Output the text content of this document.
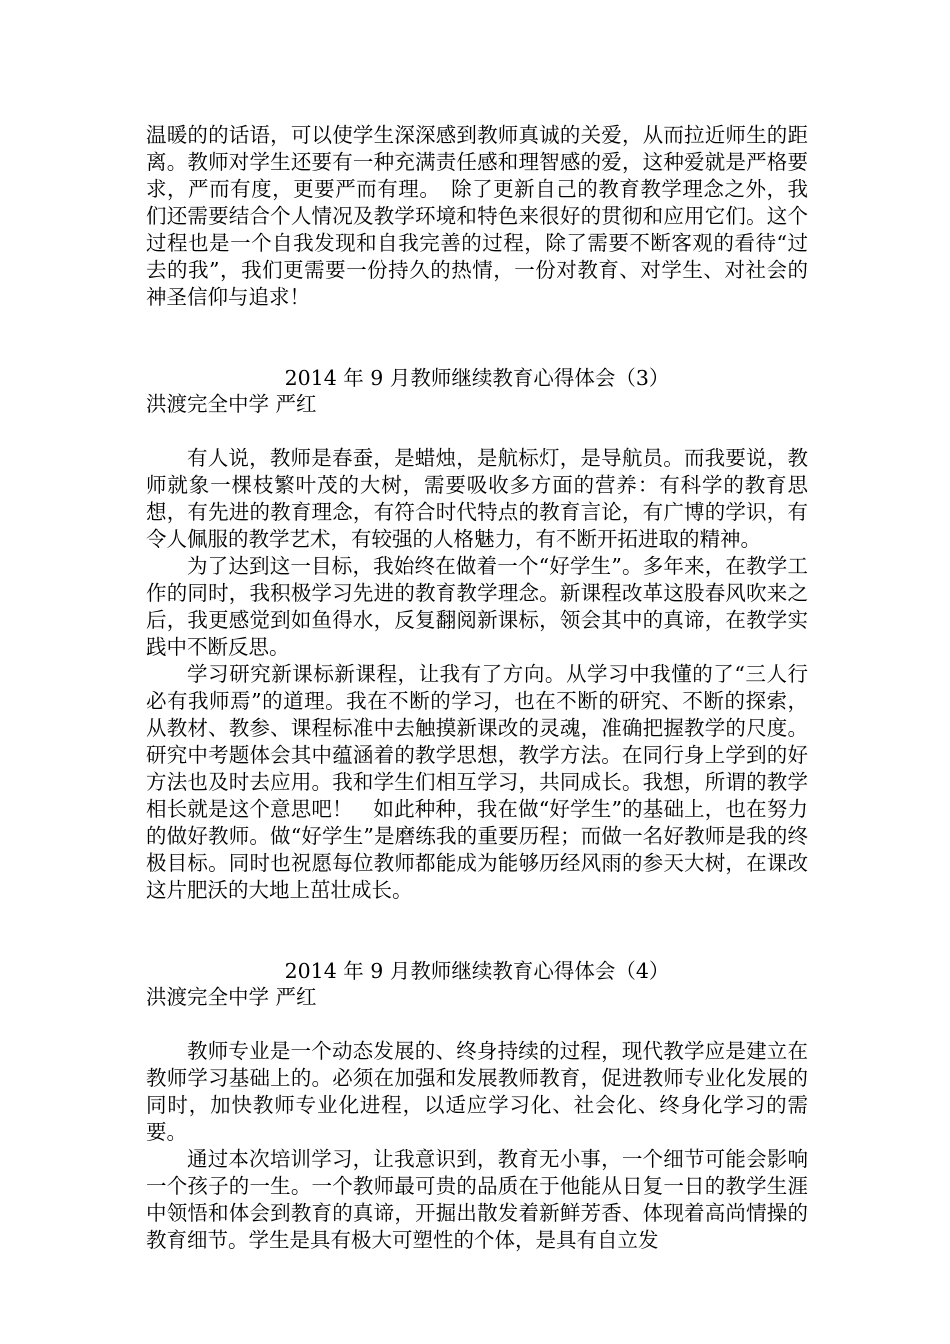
温暖的的话语，可以使学生深深感到教师真诚的关爱，从而拉近师生的距离。教师对学生还要有一种充满责任感和理智感的爱，这种爱就是严格要求，严而有度，更要严而有理。　除了更新自己的教育教学理念之外，我们还需要结合个人情况及教学环境和特色来很好的贯彻和应用它们。这个过程也是一个自我发现和自我完善的过程，除了需要不断客观的看待“过去的我”，我们更需要一份持久的热情，一份对教育、对学生、对社会的神圣信仰与追求！

2014 年 9 月教师继续教育心得体会（3）

洪渡完全中学 严红

有人说，教师是春蚕，是蜡烛，是航标灯，是导航员。而我要说，教师就象一棵枝繁叶茂的大树，需要吸收多方面的营养：有科学的教育思想，有先进的教育理念，有符合时代特点的教育言论，有广博的学识，有令人佩服的教学艺术，有较强的人格魅力，有不断开拓进取的精神。

为了达到这一目标，我始终在做着一个“好学生”。多年来，在教学工作的同时，我积极学习先进的教育教学理念。新课程改革这股春风吹来之后，我更感觉到如鱼得水，反复翻阅新课标，领会其中的真谛，在教学实践中不断反思。

学习研究新课标新课程，让我有了方向。从学习中我懂的了“三人行必有我师焉”的道理。我在不断的学习，也在不断的研究、不断的探索，从教材、教参、课程标准中去触摸新课改的灵魂，准确把握教学的尺度。研究中考题体会其中蕴涵着的教学思想，教学方法。在同行身上学到的好方法也及时去应用。我和学生们相互学习，共同成长。我想，所谓的教学相长就是这个意思吧！　如此种种，我在做“好学生”的基础上，也在努力的做好教师。做“好学生”是磨练我的重要历程；而做一名好教师是我的终极目标。同时也祝愿每位教师都能成为能够历经风雨的参天大树，在课改这片肥沃的大地上茁壮成长。

2014 年 9 月教师继续教育心得体会（4）

洪渡完全中学 严红

教师专业是一个动态发展的、终身持续的过程，现代教学应是建立在教师学习基础上的。必须在加强和发展教师教育，促进教师专业化发展的同时，加快教师专业化进程，以适应学习化、社会化、终身化学习的需要。

通过本次培训学习，让我意识到，教育无小事，一个细节可能会影响一个孩子的一生。一个教师最可贵的品质在于他能从日复一日的教学生涯中领悟和体会到教育的真谛，开掘出散发着新鲜芳香、体现着高尚情操的教育细节。学生是具有极大可塑性的个体，是具有自立发
